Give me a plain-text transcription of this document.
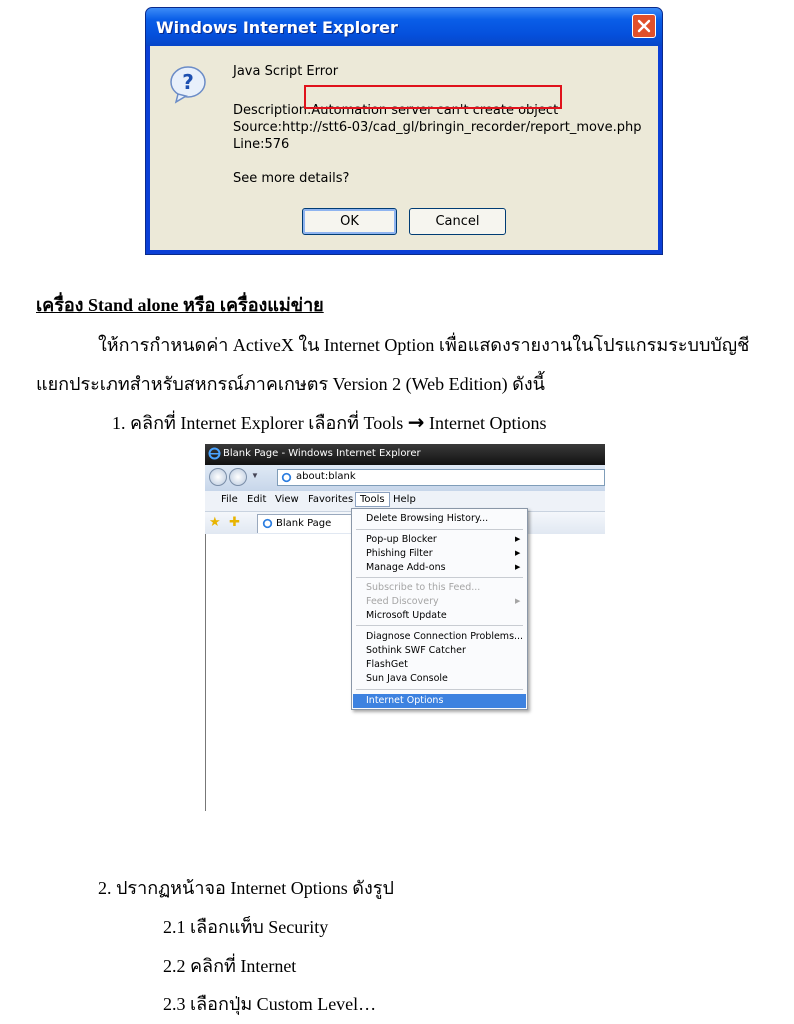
Windows Internet Explorer
?	Java Script Error
Description:Automation server can't create object
Source:http://stt6-03/cad_gl/bringin_recorder/report_move.php
Line:576
See more details?
OK	Cancel
เครื่อง Stand alone หรือ เครื่องแม่ข่าย
ให้การกำหนดค่า ActiveX ใน Internet Option เพื่อแสดงรายงานในโปรแกรมระบบบัญชี
แยกประเภทสำหรับสหกรณ์ภาคเกษตร Version 2 (Web Edition) ดังนี้
1. คลิกที่ Internet Explorer เลือกที่ Tools → Internet Options
Blank Page - Windows Internet Explorer
▼	about:blank
File Edit View Favorites Tools Help
★ ✚	Blank Page	Delete Browsing History...
Pop-up Blocker	▶
Phishing Filter	▶
Manage Add-ons	▶
Subscribe to this Feed...
Feed Discovery	▶
Microsoft Update
Diagnose Connection Problems...
Sothink SWF Catcher
FlashGet
Sun Java Console
Internet Options
2. ปรากฏหน้าจอ Internet Options ดังรูป
2.1 เลือกแท็บ Security
2.2 คลิกที่ Internet
2.3 เลือกปุ่ม Custom Level…
